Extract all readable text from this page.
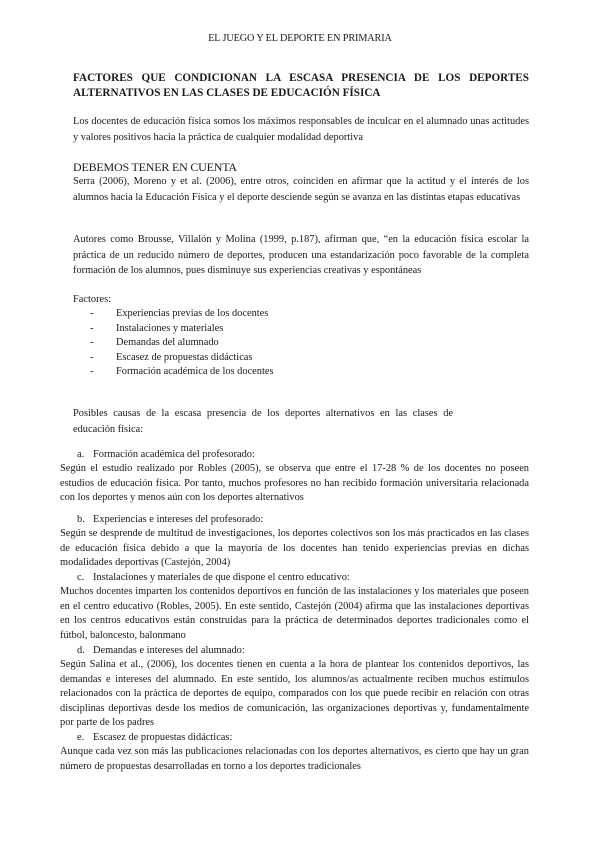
EL JUEGO Y EL DEPORTE EN PRIMARIA
FACTORES QUE CONDICIONAN LA ESCASA PRESENCIA DE LOS DEPORTES
ALTERNATIVOS EN LAS CLASES DE EDUCACIÓN FÍSICA
Los docentes de educación física somos los máximos responsables de inculcar en el alumnado unas actitudes y valores positivos hacia la práctica de cualquier modalidad deportiva
DEBEMOS TENER EN CUENTA
Serra (2006), Moreno y et al. (2006), entre otros, coinciden en afirmar que la actitud y el interés de los alumnos hacia la Educación Física y el deporte desciende según se avanza en las distintas etapas educativas
Autores como Brousse, Villalón y Molina (1999, p.187), afirman que, “en la educación física escolar la práctica de un reducido número de deportes, producen una estandarización poco favorable de la completa formación de los alumnos, pues disminuye sus experiencias creativas y espontáneas
Factores:
- Experiencias previas de los docentes
- Instalaciones y materiales
- Demandas del alumnado
- Escasez de propuestas didácticas
- Formación académica de los docentes
Posibles causas de la escasa presencia de los deportes alternativos en las clases de educación física:
a. Formación académica del profesorado:

Según el estudio realizado por Robles (2005), se observa que entre el 17-28 % de los docentes no poseen estudios de educación física. Por tanto, muchos profesores no han recibido formación universitaria relacionada con los deportes y menos aún con los deportes alternativos

b. Experiencias e intereses del profesorado:

Según se desprende de multitud de investigaciones, los deportes colectivos son los más practicados en las clases de educación física debido a que la mayoría de los docentes han tenido experiencias previas en dichas modalidades deportivas (Castejón, 2004)

c. Instalaciones y materiales de que dispone el centro educativo:

Muchos docentes imparten los contenidos deportivos en función de las instalaciones y los materiales que poseen en el centro educativo (Robles, 2005). En este sentido, Castejón (2004) afirma que las instalaciones deportivas en los centros educativos están construidas para la práctica de determinados deportes tradicionales como el fútbol, baloncesto, balonmano

d. Demandas e intereses del alumnado:

Según Salina et al., (2006), los docentes tienen en cuenta a la hora de plantear los contenidos deportivos, las demandas e intereses del alumnado. En este sentido, los alumnos/as actualmente reciben muchos estímulos relacionados con la práctica de deportes de equipo, comparados con los que puede recibir en relación con otras disciplinas deportivas desde los medios de comunicación, las organizaciones deportivas y, fundamentalmente por parte de los padres

e. Escasez de propuestas didácticas:

Aunque cada vez son más las publicaciones relacionadas con los deportes alternativos, es cierto que hay un gran número de propuestas desarrolladas en torno a los deportes tradicionales
